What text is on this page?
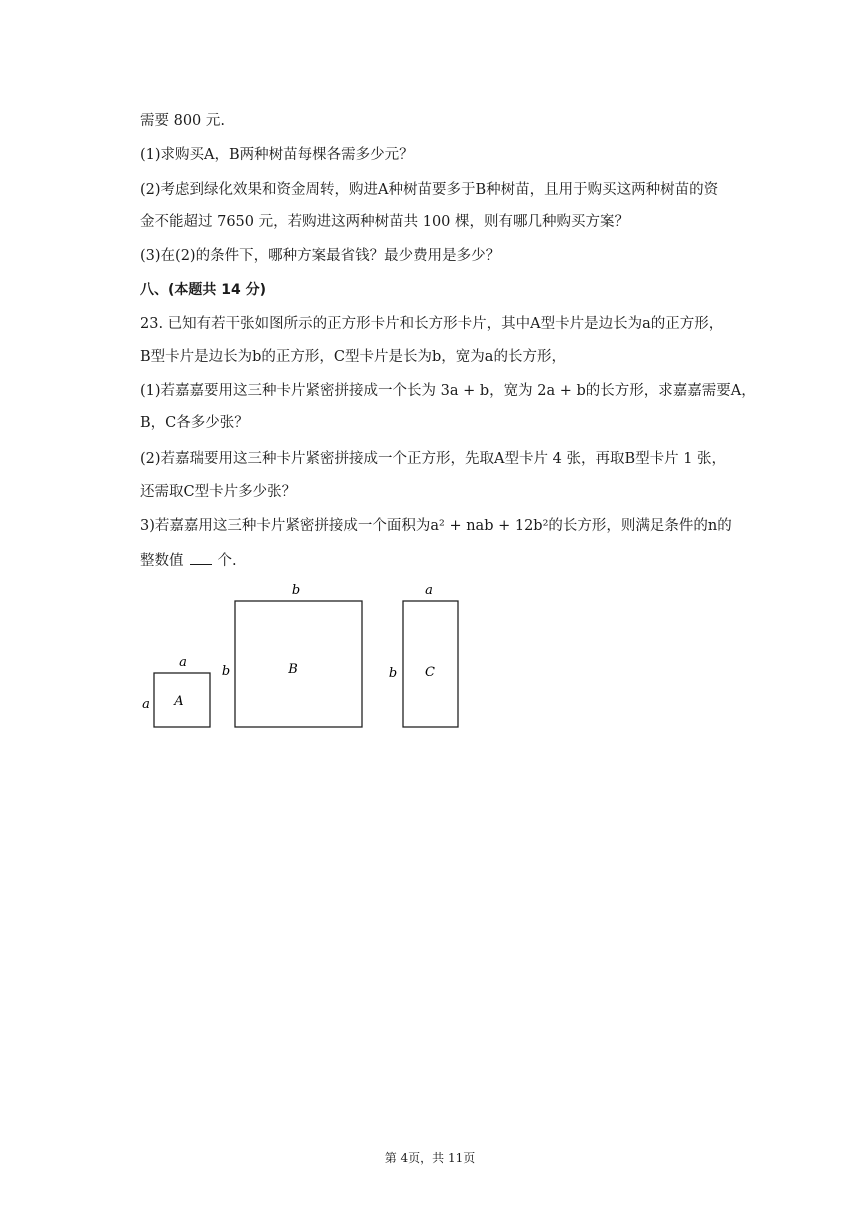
需要 800 元.
(1)求购买A，B两种树苗每棵各需多少元？
(2)考虑到绿化效果和资金周转，购进A种树苗要多于B种树苗，且用于购买这两种树苗的资
金不能超过 7650 元，若购进这两种树苗共 100 棵，则有哪几种购买方案？
(3)在(2)的条件下，哪种方案最省钱？最少费用是多少？
八、(本题共 14 分)
23. 已知有若干张如图所示的正方形卡片和长方形卡片，其中A型卡片是边长为a的正方形，
B型卡片是边长为b的正方形，C型卡片是长为b，宽为a的长方形，
(1)若嘉嘉要用这三种卡片紧密拼接成一个长为 3a + b，宽为 2a + b的长方形，求嘉嘉需要A，
B，C各多少张？
(2)若嘉瑞要用这三种卡片紧密拼接成一个正方形，先取A型卡片 4 张，再取B型卡片 1 张，
还需取C型卡片多少张？
3)若嘉嘉用这三种卡片紧密拼接成一个面积为a² + nab + 12b²的长方形，则满足条件的n的
整数值 个.
A
a
a
B
b
b	C
a
b
第 4页，共 11页
